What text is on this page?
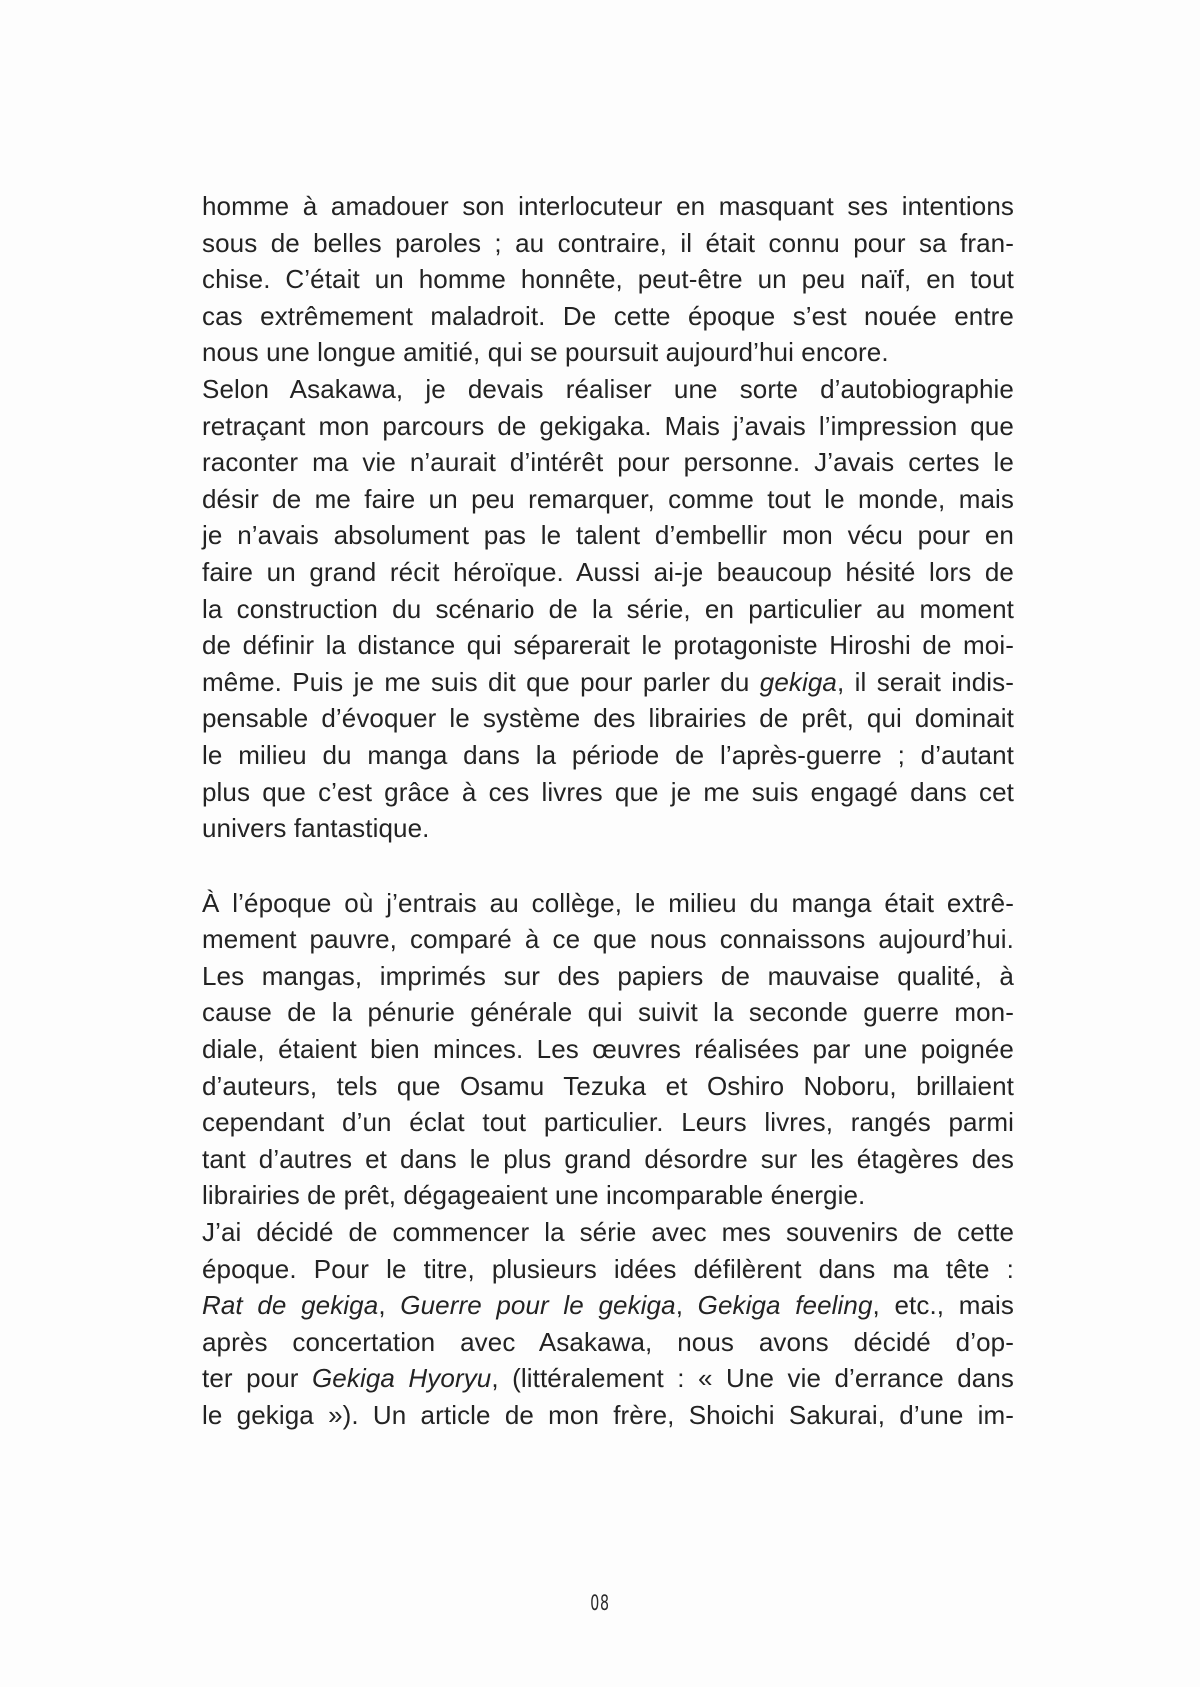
homme à amadouer son interlocuteur en masquant ses intentions
sous de belles paroles ; au contraire, il était connu pour sa fran-
chise. C’était un homme honnête, peut-être un peu naïf, en tout
cas extrêmement maladroit. De cette époque s’est nouée entre
nous une longue amitié, qui se poursuit aujourd’hui encore.
Selon Asakawa, je devais réaliser une sorte d’autobiographie
retraçant mon parcours de gekigaka. Mais j’avais l’impression que
raconter ma vie n’aurait d’intérêt pour personne. J’avais certes le
désir de me faire un peu remarquer, comme tout le monde, mais
je n’avais absolument pas le talent d’embellir mon vécu pour en
faire un grand récit héroïque. Aussi ai-je beaucoup hésité lors de
la construction du scénario de la série, en particulier au moment
de définir la distance qui séparerait le protagoniste Hiroshi de moi-
même. Puis je me suis dit que pour parler du gekiga, il serait indis-
pensable d’évoquer le système des librairies de prêt, qui dominait
le milieu du manga dans la période de l’après-guerre ; d’autant
plus que c’est grâce à ces livres que je me suis engagé dans cet
univers fantastique.
À l’époque où j’entrais au collège, le milieu du manga était extrê-
mement pauvre, comparé à ce que nous connaissons aujourd’hui.
Les mangas, imprimés sur des papiers de mauvaise qualité, à
cause de la pénurie générale qui suivit la seconde guerre mon-
diale, étaient bien minces. Les œuvres réalisées par une poignée
d’auteurs, tels que Osamu Tezuka et Oshiro Noboru, brillaient
cependant d’un éclat tout particulier. Leurs livres, rangés parmi
tant d’autres et dans le plus grand désordre sur les étagères des
librairies de prêt, dégageaient une incomparable énergie.
J’ai décidé de commencer la série avec mes souvenirs de cette
époque. Pour le titre, plusieurs idées défilèrent dans ma tête :
Rat de gekiga, Guerre pour le gekiga, Gekiga feeling, etc., mais
après concertation avec Asakawa, nous avons décidé d’op-
ter pour Gekiga Hyoryu, (littéralement : « Une vie d’errance dans
le gekiga »). Un article de mon frère, Shoichi Sakurai, d’une im-
08
